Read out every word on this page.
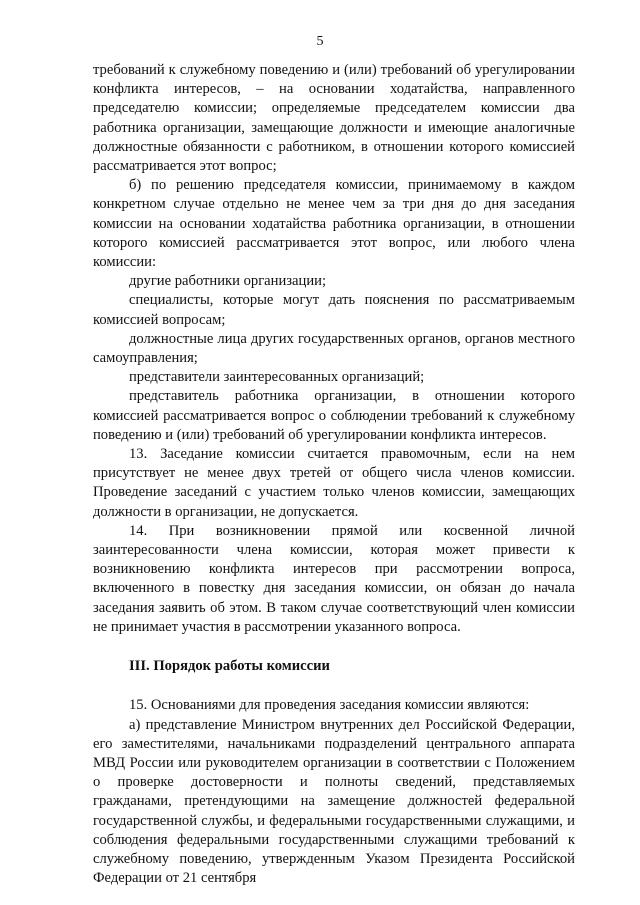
5

требований к служебному поведению и (или) требований об урегулировании конфликта интересов, – на основании ходатайства, направленного председателю комиссии; определяемые председателем комиссии два работника организации, замещающие должности и имеющие аналогичные должностные обязанности с работником, в отношении которого комиссией рассматривается этот вопрос;

б) по решению председателя комиссии, принимаемому в каждом конкретном случае отдельно не менее чем за три дня до дня заседания комиссии на основании ходатайства работника организации, в отношении которого комиссией рассматривается этот вопрос, или любого члена комиссии:

другие работники организации;

специалисты, которые могут дать пояснения по рассматриваемым комиссией вопросам;

должностные лица других государственных органов, органов местного самоуправления;

представители заинтересованных организаций;

представитель работника организации, в отношении которого комиссией рассматривается вопрос о соблюдении требований к служебному поведению и (или) требований об урегулировании конфликта интересов.

13. Заседание комиссии считается правомочным, если на нем присутствует не менее двух третей от общего числа членов комиссии. Проведение заседаний с участием только членов комиссии, замещающих должности в организации, не допускается.

14. При возникновении прямой или косвенной личной заинтересованности члена комиссии, которая может привести к возникновению конфликта интересов при рассмотрении вопроса, включенного в повестку дня заседания комиссии, он обязан до начала заседания заявить об этом. В таком случае соответствующий член комиссии не принимает участия в рассмотрении указанного вопроса.

III. Порядок работы комиссии

15. Основаниями для проведения заседания комиссии являются:

а) представление Министром внутренних дел Российской Федерации, его заместителями, начальниками подразделений центрального аппарата МВД России или руководителем организации в соответствии с Положением о проверке достоверности и полноты сведений, представляемых гражданами, претендующими на замещение должностей федеральной государственной службы, и федеральными государственными служащими, и соблюдения федеральными государственными служащими требований к служебному поведению, утвержденным Указом Президента Российской Федерации от 21 сентября
